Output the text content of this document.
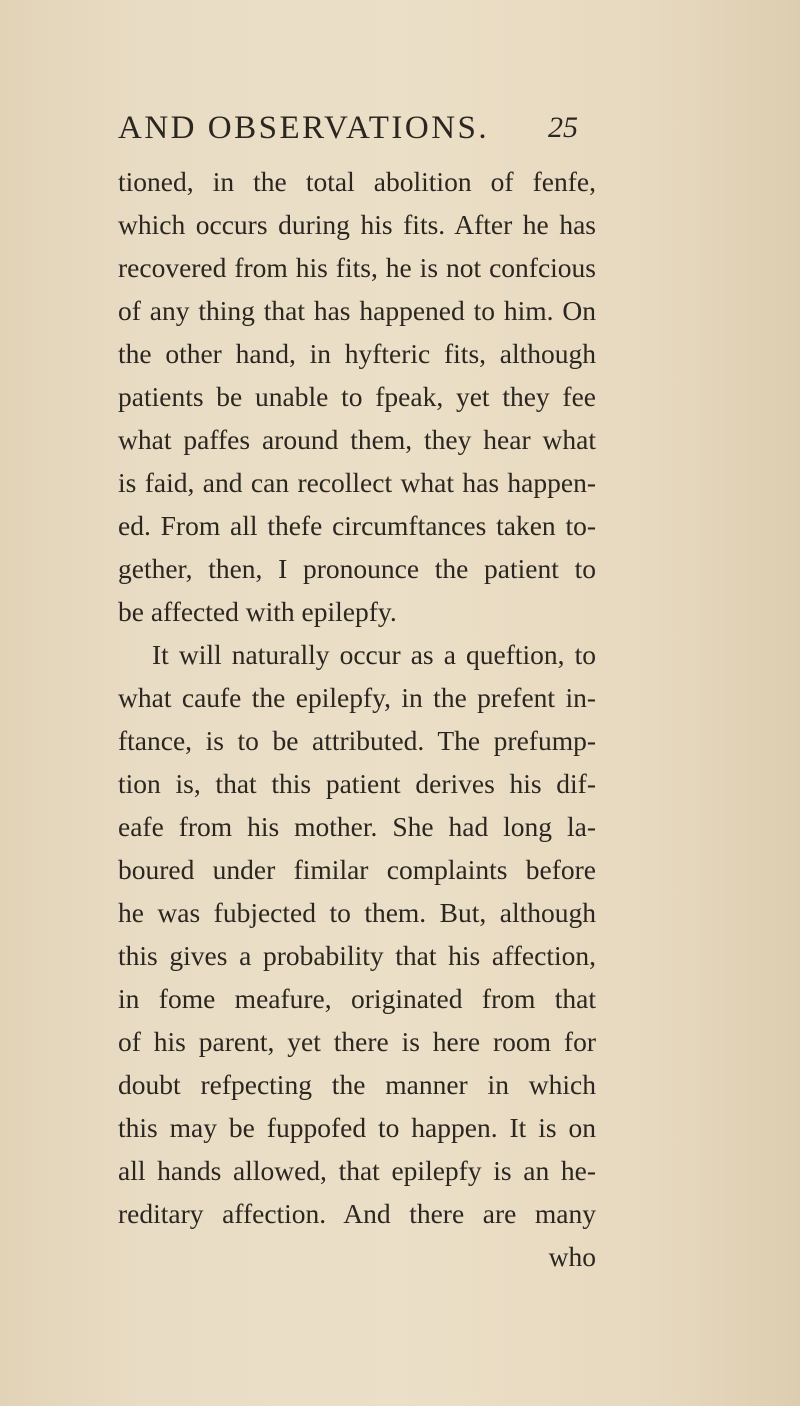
AND OBSERVATIONS. 25
tioned, in the total abolition of fenfe,
which occurs during his fits. After he has
recovered from his fits, he is not confcious
of any thing that has happened to him. On
the other hand, in hyfteric fits, although
patients be unable to fpeak, yet they fee
what paffes around them, they hear what
is faid, and can recollect what has happen-
ed. From all thefe circumftances taken to-
gether, then, I pronounce the patient to
be affected with epilepfy.
It will naturally occur as a queftion, to
what caufe the epilepfy, in the prefent in-
ftance, is to be attributed. The prefump-
tion is, that this patient derives his dif-
eafe from his mother. She had long la-
boured under fimilar complaints before
he was fubjected to them. But, although
this gives a probability that his affection,
in fome meafure, originated from that
of his parent, yet there is here room for
doubt refpecting the manner in which
this may be fuppofed to happen. It is on
all hands allowed, that epilepfy is an he-
reditary affection. And there are many
who
